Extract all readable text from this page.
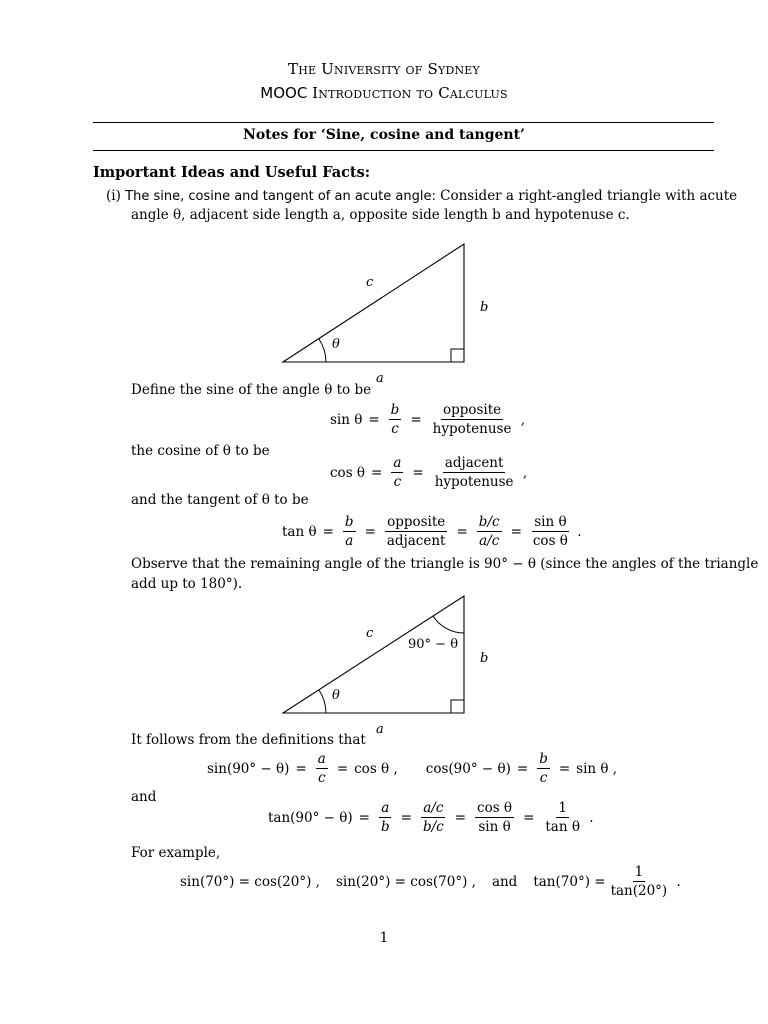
The University of Sydney
MOOC Introduction to Calculus
Notes for ‘Sine, cosine and tangent’
Important Ideas and Useful Facts:
(i) The sine, cosine and tangent of an acute angle: Consider a right-angled triangle with acute
angle θ, adjacent side length a, opposite side length b and hypotenuse c.
c
b
a
θ
c
b
a
θ
90° − θ
Define the sine of the angle θ to be
$\sin \theta = \frac{b}{c} = \frac{\text{opposite}}{\text{hypotenuse}}$ ,
the cosine of θ to be
$\cos \theta = \frac{a}{c} = \frac{\text{adjacent}}{\text{hypotenuse}}$ ,
and the tangent of θ to be
$\tan \theta = \frac{b}{a} = \frac{\text{opposite}}{\text{adjacent}} = \frac{b/c}{a/c} = \frac{\text{sin θ}}{\text{cos θ}}$ .
Observe that the remaining angle of the triangle is 90° − θ (since the angles of the triangle
add up to 180°).
It follows from the definitions that
$\sin(90^\circ - \theta) = \frac{a}{c} = \cos \theta$ , $\cos(90^\circ - \theta) = \frac{b}{c} = \sin \theta$ ,
and
$\tan(90^\circ - \theta) = \frac{a}{b} = \frac{a/c}{b/c} = \frac{\text{cos θ}}{\text{sin θ}} = \frac{1}{\text{tan θ}}$ .
For example,
sin(70°) = cos(20°) , sin(20°) = cos(70°) , and $\tan(70^\circ) = \frac{1}{\tan(20^\circ)}$ .
1
